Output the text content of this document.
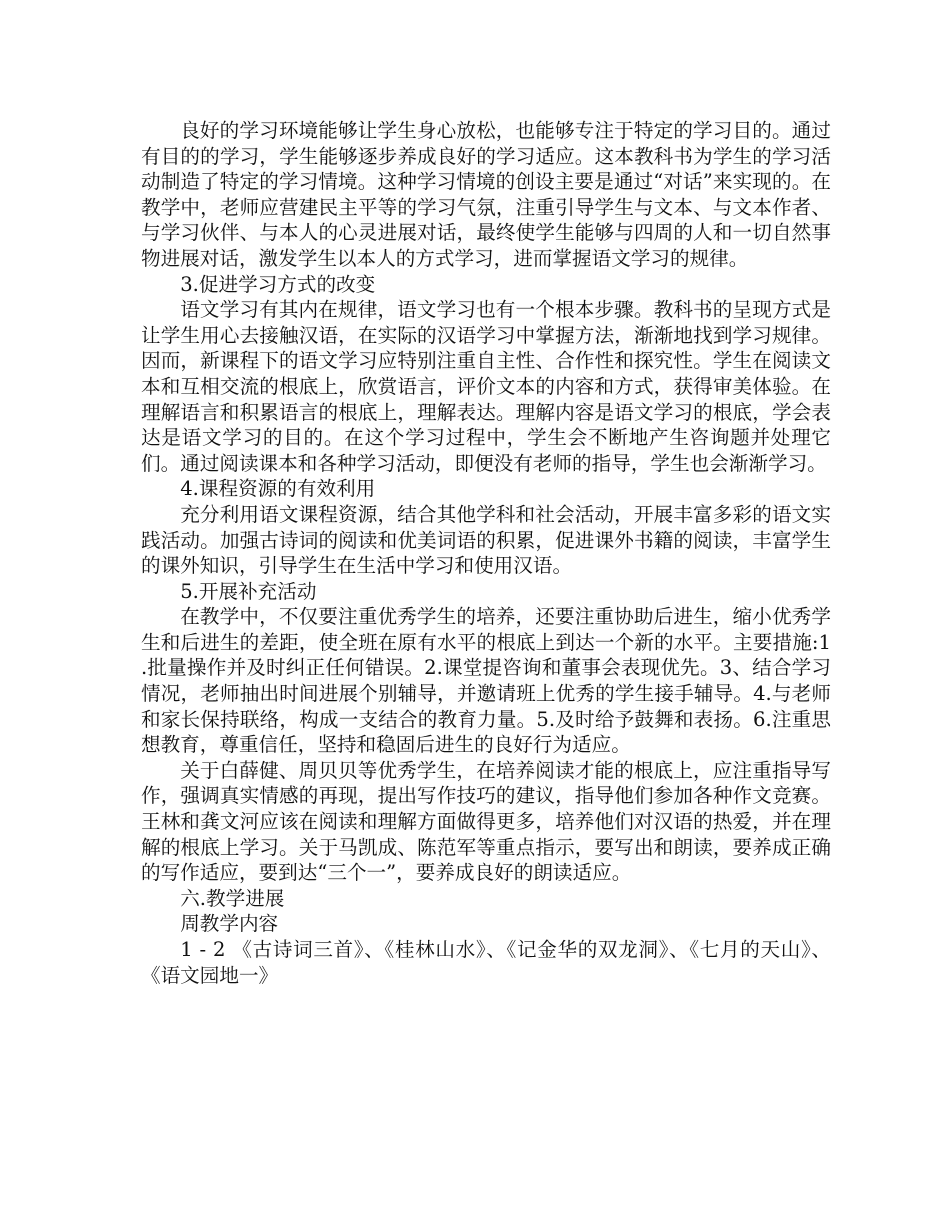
良好的学习环境能够让学生身心放松，也能够专注于特定的学习目的。通过有目的的学习，学生能够逐步养成良好的学习适应。这本教科书为学生的学习活动制造了特定的学习情境。这种学习情境的创设主要是通过“对话”来实现的。在教学中，老师应营建民主平等的学习气氛，注重引导学生与文本、与文本作者、与学习伙伴、与本人的心灵进展对话，最终使学生能够与四周的人和一切自然事物进展对话，激发学生以本人的方式学习，进而掌握语文学习的规律。

3.促进学习方式的改变

语文学习有其内在规律，语文学习也有一个根本步骤。教科书的呈现方式是让学生用心去接触汉语，在实际的汉语学习中掌握方法，渐渐地找到学习规律。因而，新课程下的语文学习应特别注重自主性、合作性和探究性。学生在阅读文本和互相交流的根底上，欣赏语言，评价文本的内容和方式，获得审美体验。在理解语言和积累语言的根底上，理解表达。理解内容是语文学习的根底，学会表达是语文学习的目的。在这个学习过程中，学生会不断地产生咨询题并处理它们。通过阅读课本和各种学习活动，即便没有老师的指导，学生也会渐渐学习。

4.课程资源的有效利用

充分利用语文课程资源，结合其他学科和社会活动，开展丰富多彩的语文实践活动。加强古诗词的阅读和优美词语的积累，促进课外书籍的阅读，丰富学生的课外知识，引导学生在生活中学习和使用汉语。

5.开展补充活动

在教学中，不仅要注重优秀学生的培养，还要注重协助后进生，缩小优秀学生和后进生的差距，使全班在原有水平的根底上到达一个新的水平。主要措施:1 .批量操作并及时纠正任何错误。2.课堂提咨询和董事会表现优先。3、结合学习情况，老师抽出时间进展个别辅导，并邀请班上优秀的学生接手辅导。4.与老师和家长保持联络，构成一支结合的教育力量。5.及时给予鼓舞和表扬。6.注重思想教育，尊重信任，坚持和稳固后进生的良好行为适应。

关于白薛健、周贝贝等优秀学生，在培养阅读才能的根底上，应注重指导写作，强调真实情感的再现，提出写作技巧的建议，指导他们参加各种作文竞赛。王林和龚文河应该在阅读和理解方面做得更多，培养他们对汉语的热爱，并在理解的根底上学习。关于马凯成、陈范军等重点指示，要写出和朗读，要养成正确的写作适应，要到达“三个一”，要养成良好的朗读适应。

六.教学进展

周教学内容

1 - 2 《古诗词三首》、《桂林山水》、《记金华的双龙洞》、《七月的天山》、《语文园地一》
